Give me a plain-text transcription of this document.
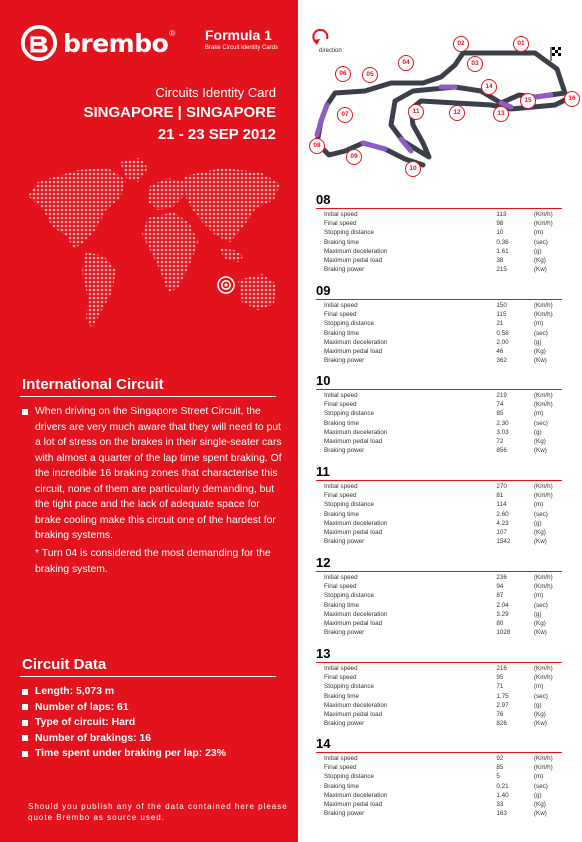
brembo ® Formula 1
Brake Circuit Identity Cards
Circuits Identity Card
SINGAPORE | SINGAPORE
21 - 23 SEP 2012
International Circuit
When driving on the Singapore Street Circuit, the drivers are very much aware that they will need to put a lot of stress on the brakes in their single-seater cars with almost a quarter of the lap time spent braking. Of the incredible 16 braking zones that characterise this circuit, none of them are particularly demanding, but the tight pace and the lack of adequate space for brake cooling make this circuit one of the hardest for braking systems.
* Turn 04 is considered the most demanding for the braking system.
Circuit Data
Length: 5,073 m
Number of laps: 61
Type of circuit: Hard
Number of brakings: 16
Time spent under braking per lap: 23%
Should you publish any of the data contained here please quote Brembo as source used.
direction
01
02
03
04
05
06
07
08
09
10
11	12	13
14
15	16
08
Initial speed	113	(Km/h)
Final speed	98	(Km/h)
Stopping distance	10	(m)
Braking time	0.36	(sec)
Maximum deceleration	1.61	(g)
Maximum pedal load	38	(Kg)
Braking power	215	(Kw)
09
Initial speed	150	(Km/h)
Final speed	115	(Km/h)
Stopping distance	21	(m)
Braking time	0.58	(sec)
Maximum deceleration	2.00	(g)
Maximum pedal load	46	(Kg)
Braking power	362	(Kw)
10
Initial speed	219	(Km/h)
Final speed	74	(Km/h)
Stopping distance	85	(m)
Braking time	2.30	(sec)
Maximum deceleration	3.03	(g)
Maximum pedal load	72	(Kg)
Braking power	856	(Kw)
11
Initial speed	270	(Km/h)
Final speed	81	(Km/h)
Stopping distance	114	(m)
Braking time	2.60	(sec)
Maximum deceleration	4.23	(g)
Maximum pedal load	107	(Kg)
Braking power	1542	(Kw)
12
Initial speed	236	(Km/h)
Final speed	94	(Km/h)
Stopping distance	87	(m)
Braking time	2.04	(sec)
Maximum deceleration	3.29	(g)
Maximum pedal load	80	(Kg)
Braking power	1028	(Kw)
13
Initial speed	216	(Km/h)
Final speed	95	(Km/h)
Stopping distance	71	(m)
Braking time	1.75	(sec)
Maximum deceleration	2.97	(g)
Maximum pedal load	76	(Kg)
Braking power	826	(Kw)
14
Initial speed	92	(Km/h)
Final speed	85	(Km/h)
Stopping distance	5	(m)
Braking time	0.21	(sec)
Maximum deceleration	1.40	(g)
Maximum pedal load	33	(Kg)
Braking power	163	(Kw)
